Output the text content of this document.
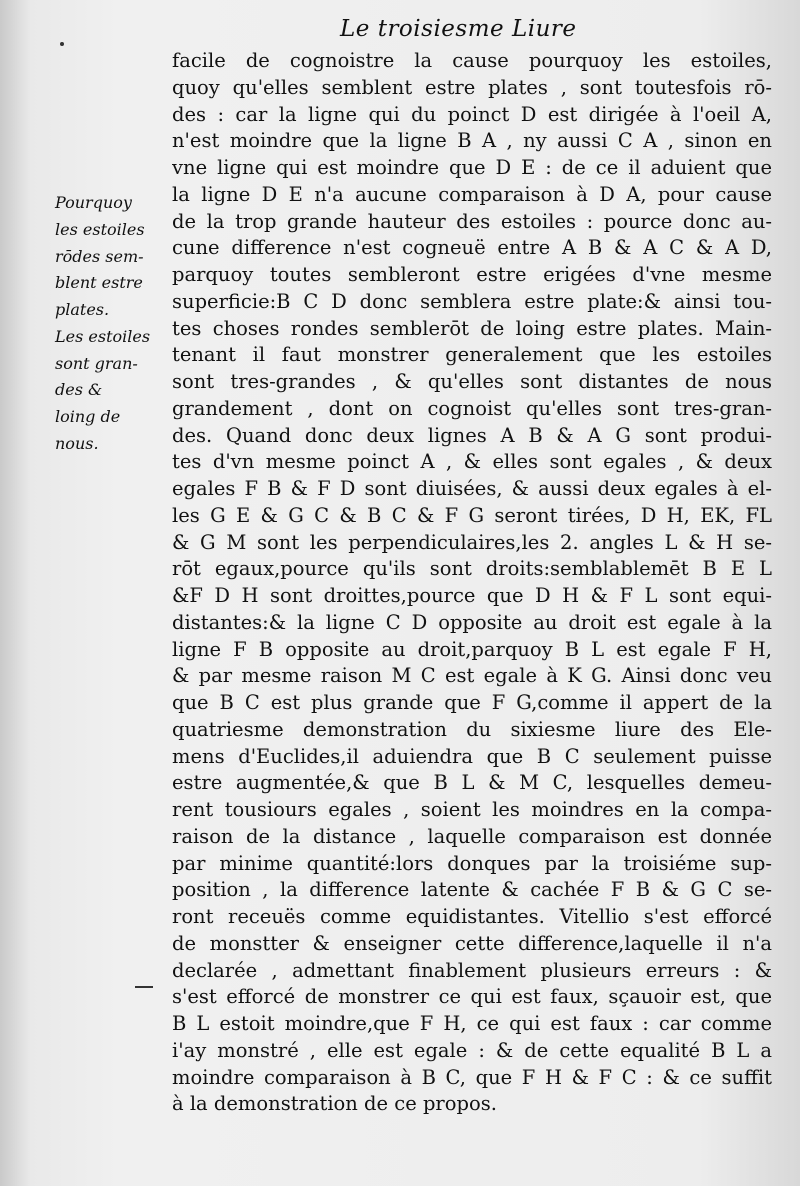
Le troisiesme Liure
Pourquoy
les estoiles
rōdes sem-
blent estre
plates.
Les estoiles
sont gran-
des &
loing de
nous.
facile de cognoistre la cause pourquoy les estoiles,
quoy qu'elles semblent estre plates , sont toutesfois rō-
des : car la ligne qui du poinct D est dirigée à l'oeil A,
n'est moindre que la ligne B A , ny aussi C A , sinon en
vne ligne qui est moindre que D E : de ce il aduient que
la ligne D E n'a aucune comparaison à D A, pour cause
de la trop grande hauteur des estoiles : pource donc au-
cune difference n'est cogneuë entre A B & A C & A D,
parquoy toutes sembleront estre erigées d'vne mesme
superficie:B C D donc semblera estre plate:& ainsi tou-
tes choses rondes semblerōt de loing estre plates. Main-
tenant il faut monstrer generalement que les estoiles
sont tres-grandes , & qu'elles sont distantes de nous
grandement , dont on cognoist qu'elles sont tres-gran-
des. Quand donc deux lignes A B & A G sont produi-
tes d'vn mesme poinct A , & elles sont egales , & deux
egales F B & F D sont diuisées, & aussi deux egales à el-
les G E & G C & B C & F G seront tirées, D H, EK, FL
& G M sont les perpendiculaires,les 2. angles L & H se-
rōt egaux,pource qu'ils sont droits:semblablemēt B E L
&F D H sont droittes,pource que D H & F L sont equi-
distantes:& la ligne C D opposite au droit est egale à la
ligne F B opposite au droit,parquoy B L est egale F H,
& par mesme raison M C est egale à K G. Ainsi donc veu
que B C est plus grande que F G,comme il appert de la
quatriesme demonstration du sixiesme liure des Ele-
mens d'Euclides,il aduiendra que B C seulement puisse
estre augmentée,& que B L & M C, lesquelles demeu-
rent tousiours egales , soient les moindres en la compa-
raison de la distance , laquelle comparaison est donnée
par minime quantité:lors donques par la troisiéme sup-
position , la difference latente & cachée F B & G C se-
ront receuës comme equidistantes. Vitellio s'est efforcé
de monstter & enseigner cette difference,laquelle il n'a
declarée , admettant finablement plusieurs erreurs : &
s'est efforcé de monstrer ce qui est faux, sçauoir est, que
B L estoit moindre,que F H, ce qui est faux : car comme
i'ay monstré , elle est egale : & de cette equalité B L a
moindre comparaison à B C, que F H & F C : & ce suffit
à la demonstration de ce propos.
